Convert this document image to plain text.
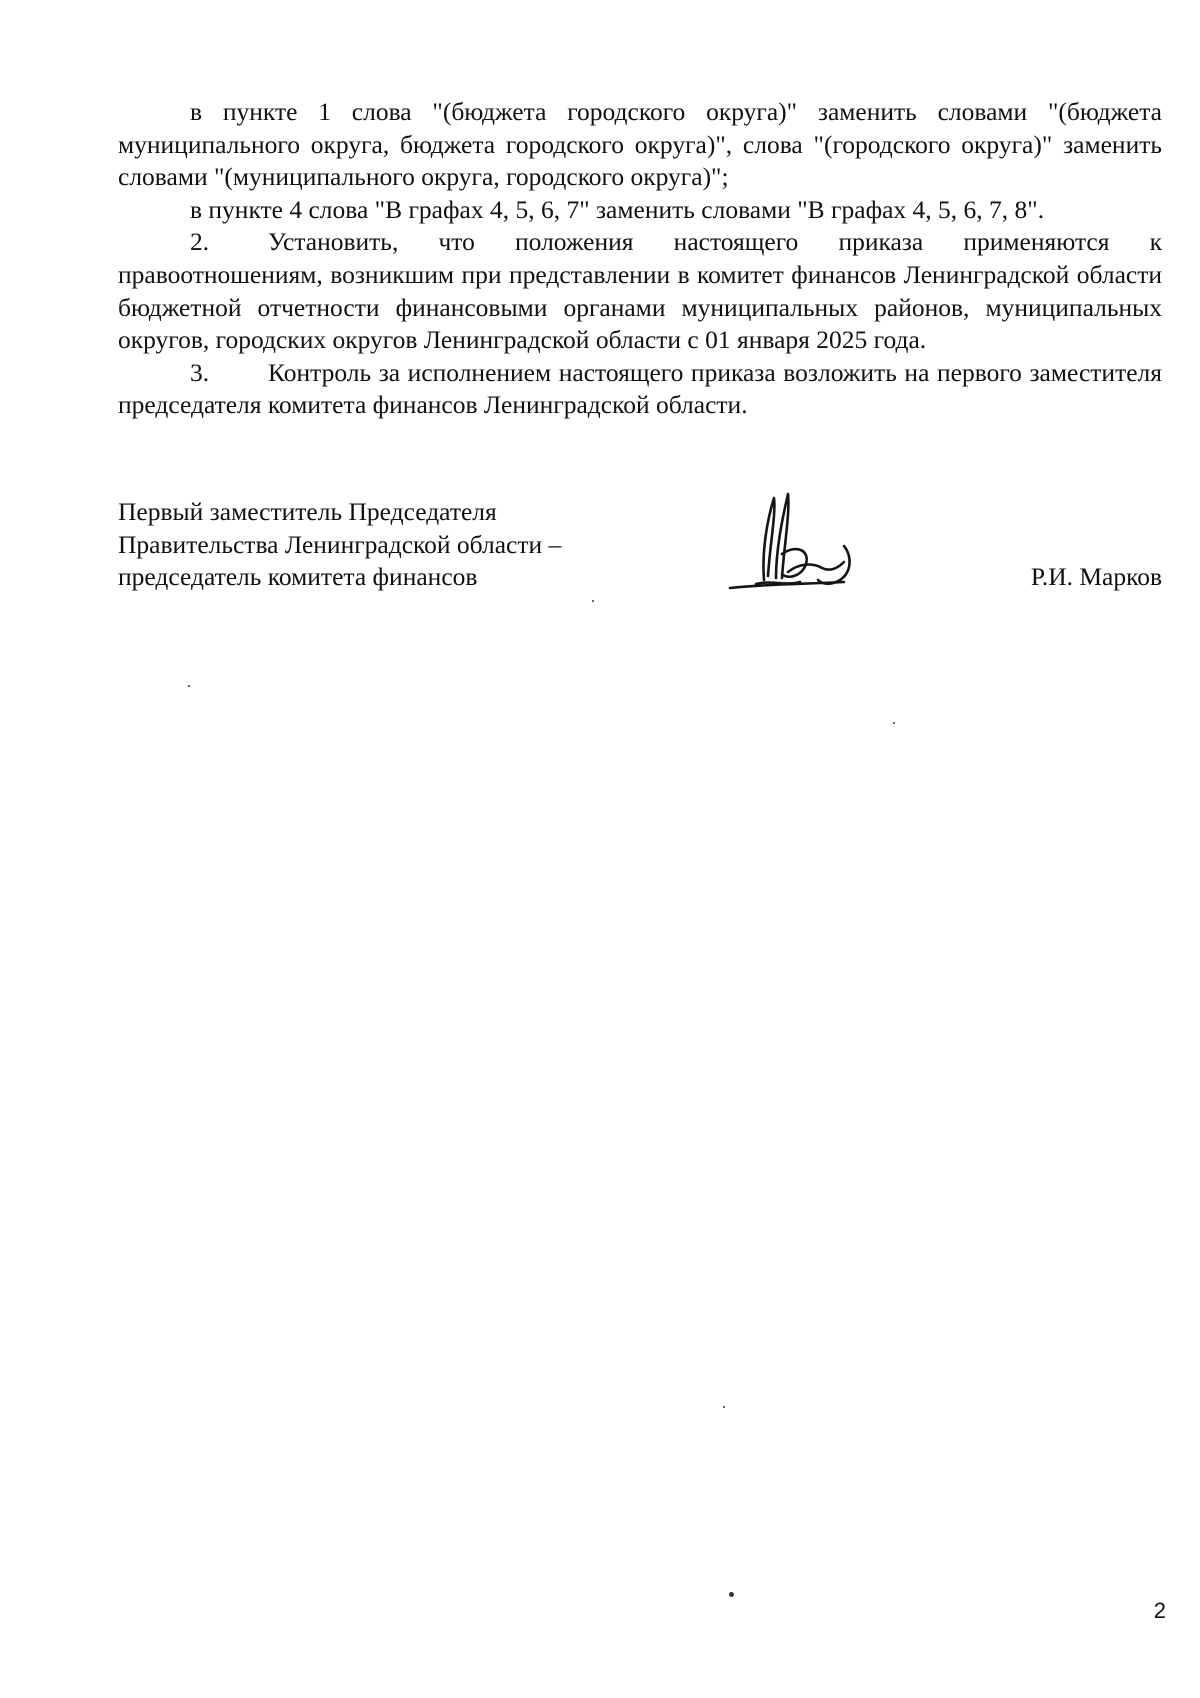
в пункте 1 слова "(бюджета городского округа)" заменить словами "(бюджета муниципального округа, бюджета городского округа)", слова "(городского округа)" заменить словами "(муниципального округа, городского округа)";

в пункте 4 слова "В графах 4, 5, 6, 7" заменить словами "В графах 4, 5, 6, 7, 8".

2. Установить, что положения настоящего приказа применяются к правоотношениям, возникшим при представлении в комитет финансов Ленинградской области бюджетной отчетности финансовыми органами муниципальных районов, муниципальных округов, городских округов Ленинградской области с 01 января 2025 года.

3. Контроль за исполнением настоящего приказа возложить на первого заместителя председателя комитета финансов Ленинградской области.

Первый заместитель Председателя
Правительства Ленинградской области –
председатель комитета финансов	Р.И. Марков
2
